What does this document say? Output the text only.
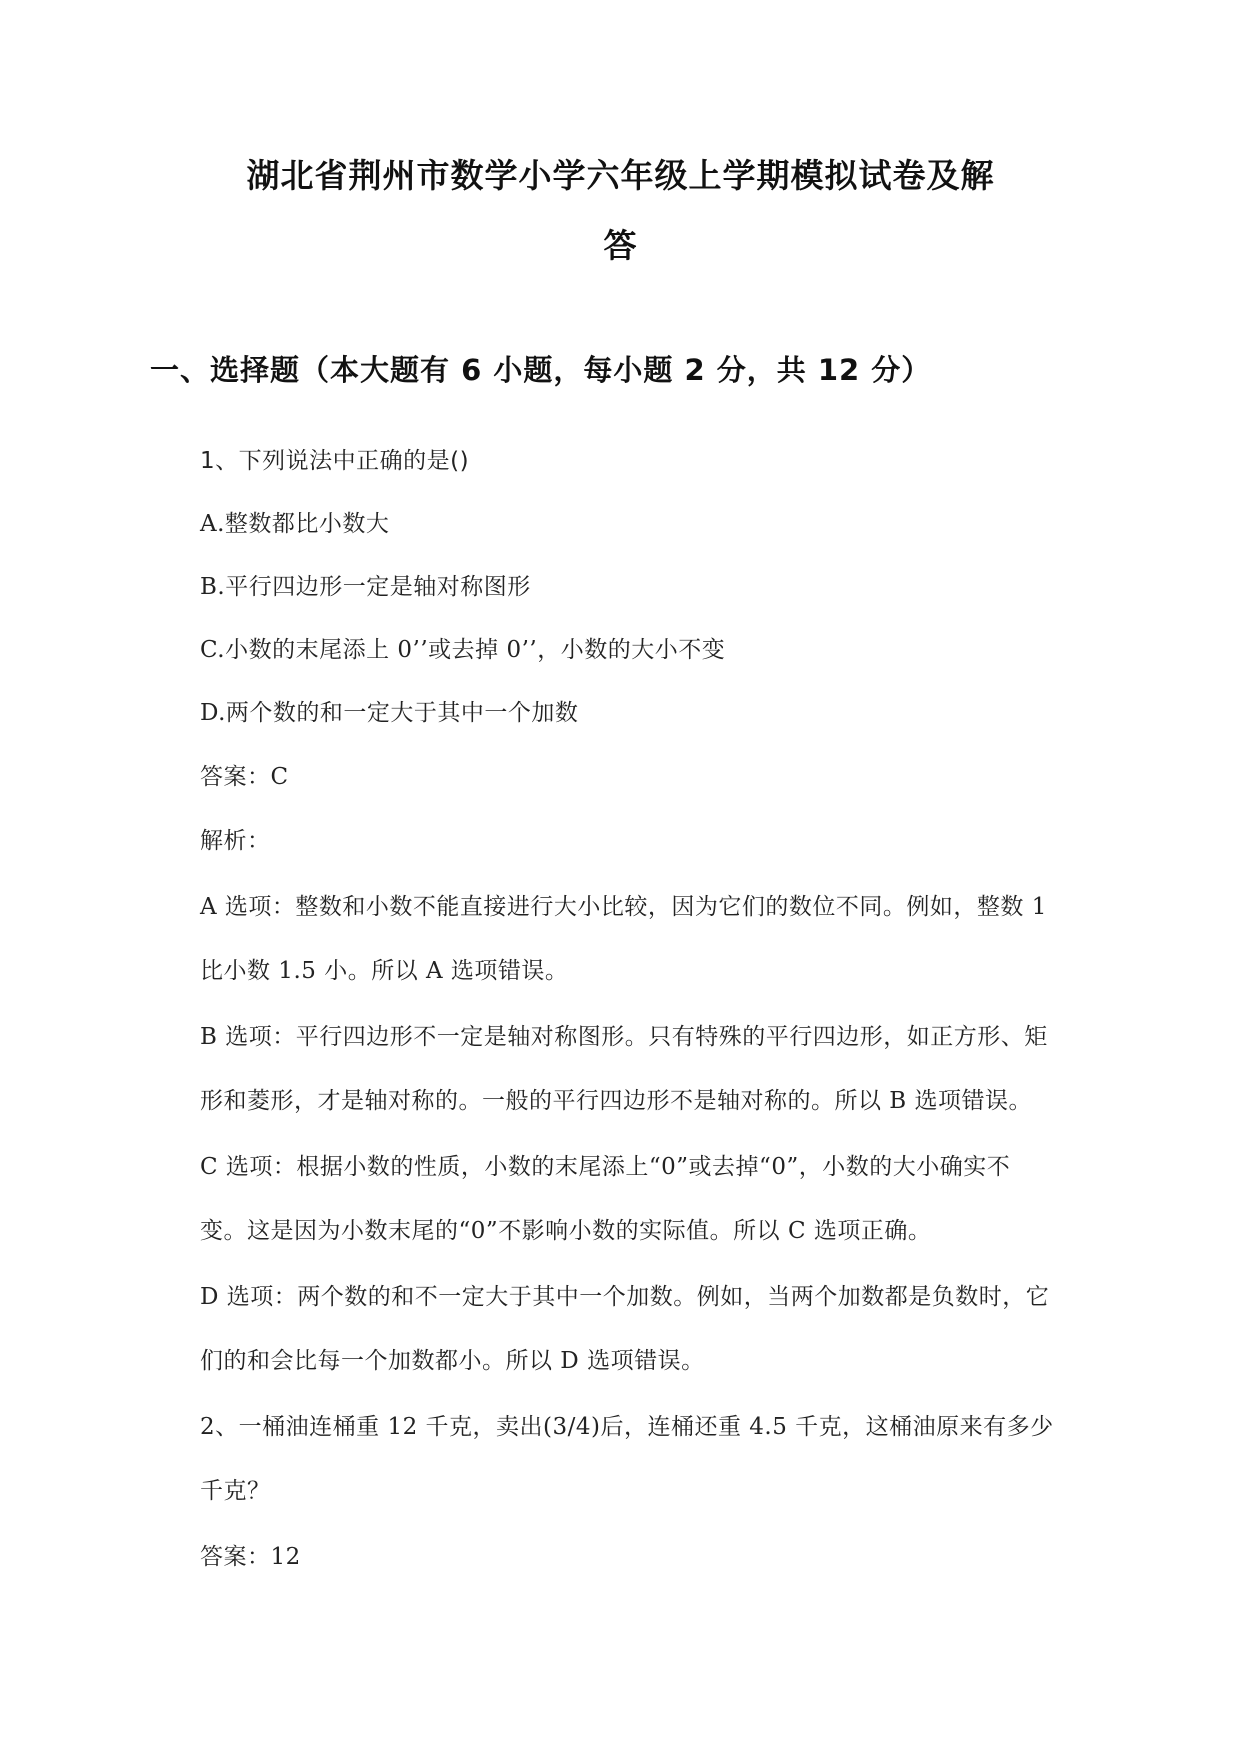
湖北省荆州市数学小学六年级上学期模拟试卷及解
答
一、选择题（本大题有 6 小题，每小题 2 分，共 12 分）
1、下列说法中正确的是()
A.整数都比小数大
B.平行四边形一定是轴对称图形
C.小数的末尾添上 0’’或去掉 0’’，小数的大小不变
D.两个数的和一定大于其中一个加数
答案：C
解析：
A 选项：整数和小数不能直接进行大小比较，因为它们的数位不同。例如，整数 1
比小数 1.5 小。所以 A 选项错误。
B 选项：平行四边形不一定是轴对称图形。只有特殊的平行四边形，如正方形、矩
形和菱形，才是轴对称的。一般的平行四边形不是轴对称的。所以 B 选项错误。
C 选项：根据小数的性质，小数的末尾添上“0”或去掉“0”，小数的大小确实不
变。这是因为小数末尾的“0”不影响小数的实际值。所以 C 选项正确。
D 选项：两个数的和不一定大于其中一个加数。例如，当两个加数都是负数时，它
们的和会比每一个加数都小。所以 D 选项错误。
2、一桶油连桶重 12 千克，卖出(3/4)后，连桶还重 4.5 千克，这桶油原来有多少
千克？
答案：12
